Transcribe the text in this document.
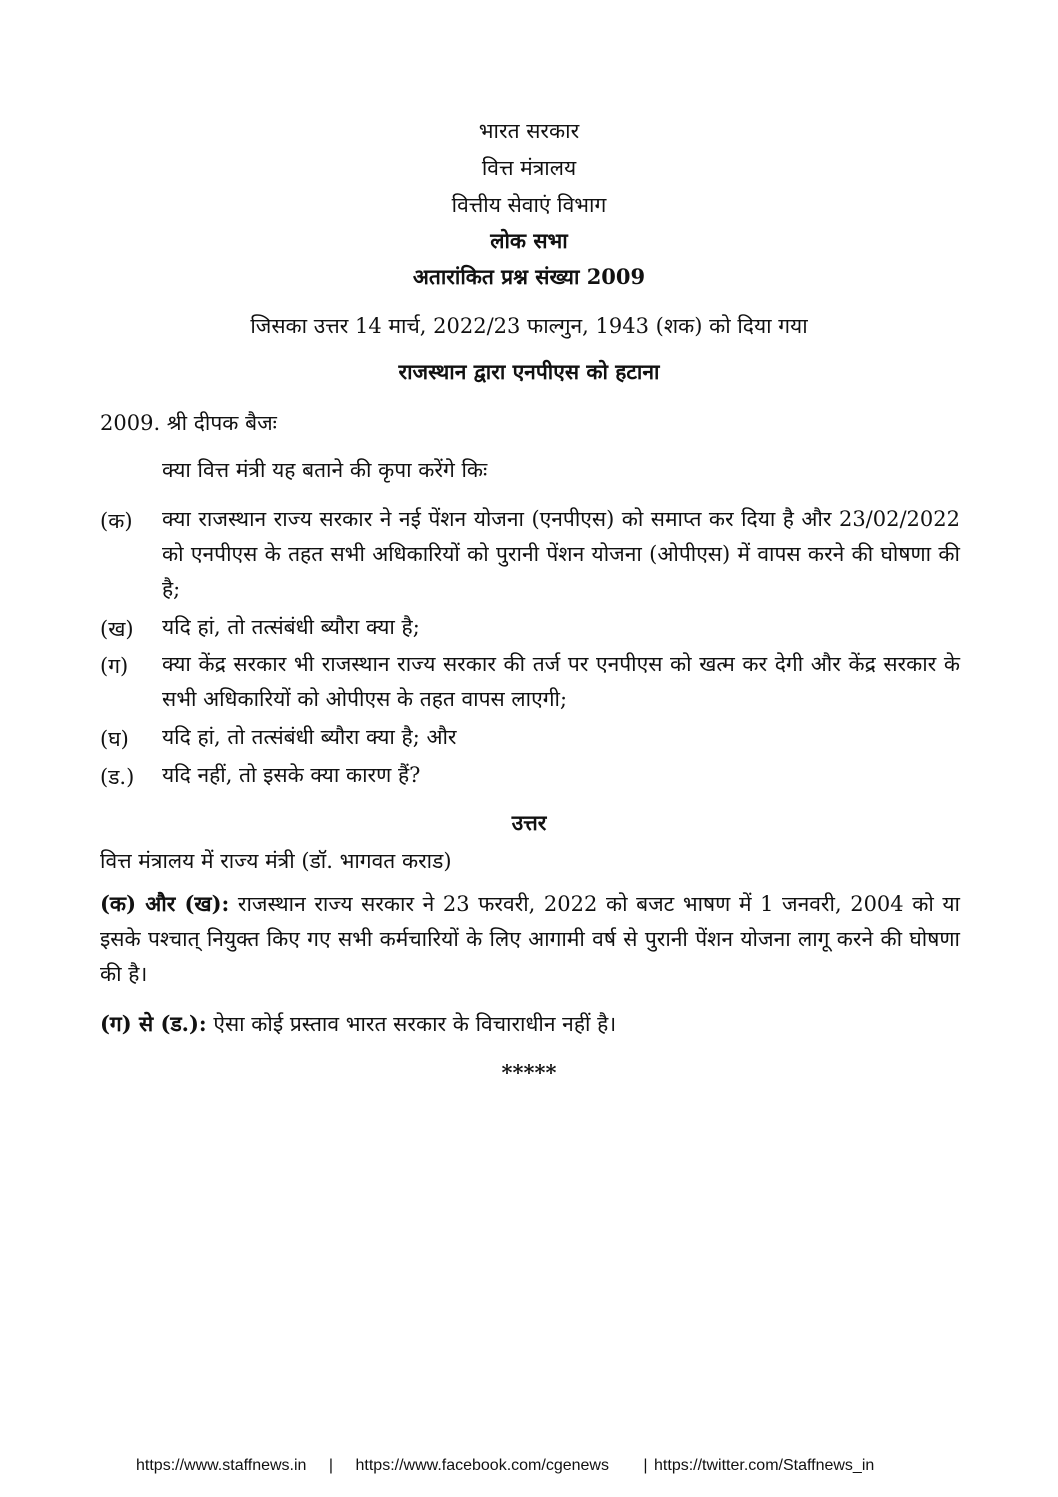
भारत सरकार
वित्त मंत्रालय
वित्तीय सेवाएं विभाग
लोक सभा
अतारांकित प्रश्न संख्या 2009
जिसका उत्तर 14 मार्च, 2022/23 फाल्गुन, 1943 (शक) को दिया गया
राजस्थान द्वारा एनपीएस को हटाना
2009. श्री दीपक बैजः
क्या वित्त मंत्री यह बताने की कृपा करेंगे किः
(क) क्या राजस्थान राज्य सरकार ने नई पेंशन योजना (एनपीएस) को समाप्त कर दिया है और 23/02/2022 को एनपीएस के तहत सभी अधिकारियों को पुरानी पेंशन योजना (ओपीएस) में वापस करने की घोषणा की है;
(ख) यदि हां, तो तत्संबंधी ब्यौरा क्या है;
(ग) क्या केंद्र सरकार भी राजस्थान राज्य सरकार की तर्ज पर एनपीएस को खत्म कर देगी और केंद्र सरकार के सभी अधिकारियों को ओपीएस के तहत वापस लाएगी;
(घ) यदि हां, तो तत्संबंधी ब्यौरा क्या है; और
(ड.) यदि नहीं, तो इसके क्या कारण हैं?
उत्तर
वित्त मंत्रालय में राज्य मंत्री (डॉ. भागवत कराड)
(क) और (ख): राजस्थान राज्य सरकार ने 23 फरवरी, 2022 को बजट भाषण में 1 जनवरी, 2004 को या इसके पश्चात् नियुक्त किए गए सभी कर्मचारियों के लिए आगामी वर्ष से पुरानी पेंशन योजना लागू करने की घोषणा की है।
(ग) से (ड.): ऐसा कोई प्रस्ताव भारत सरकार के विचाराधीन नहीं है।
*****
https://www.staffnews.in | https://www.facebook.com/cgenews | https://twitter.com/Staffnews_in
